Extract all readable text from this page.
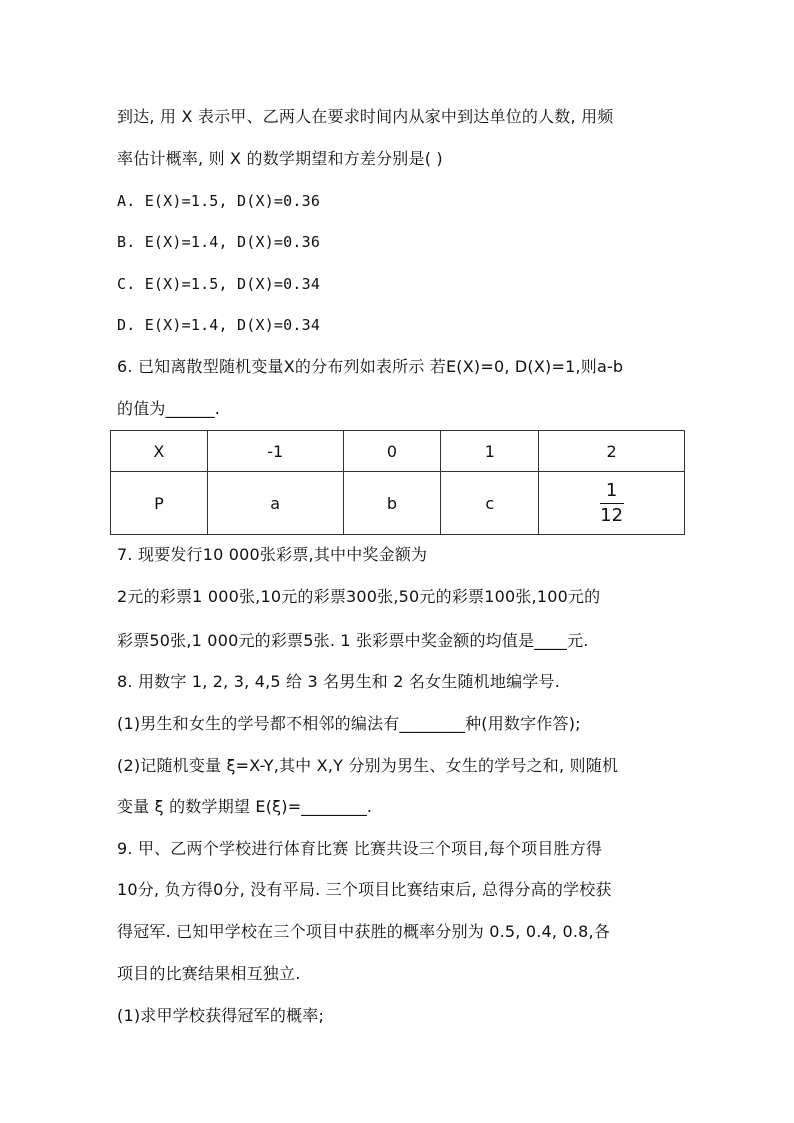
到达, 用 X 表示甲、乙两人在要求时间内从家中到达单位的人数, 用频
率估计概率, 则 X 的数学期望和方差分别是( )
A. E(X)=1.5, D(X)=0.36
B. E(X)=1.4, D(X)=0.36
C. E(X)=1.5, D(X)=0.34
D. E(X)=1.4, D(X)=0.34
6. 已知离散型随机变量X的分布列如表所示 若E(X)=0, D(X)=1,则a-b
的值为______.
X	-1	0	1	2
P	a	b	c	$\frac{1}{12}$
7. 现要发行10 000张彩票,其中中奖金额为
2元的彩票1 000张,10元的彩票300张,50元的彩票100张,100元的
彩票50张,1 000元的彩票5张. 1 张彩票中奖金额的均值是____元.
8. 用数字 1, 2, 3, 4,5 给 3 名男生和 2 名女生随机地编学号.
(1)男生和女生的学号都不相邻的编法有________种(用数字作答);
(2)记随机变量 ξ=X-Y,其中 X,Y 分别为男生、女生的学号之和, 则随机
变量 ξ 的数学期望 E(ξ)=________.
9. 甲、乙两个学校进行体育比赛 比赛共设三个项目,每个项目胜方得
10分, 负方得0分, 没有平局. 三个项目比赛结束后, 总得分高的学校获
得冠军. 已知甲学校在三个项目中获胜的概率分别为 0.5, 0.4, 0.8,各
项目的比赛结果相互独立.
(1)求甲学校获得冠军的概率;
